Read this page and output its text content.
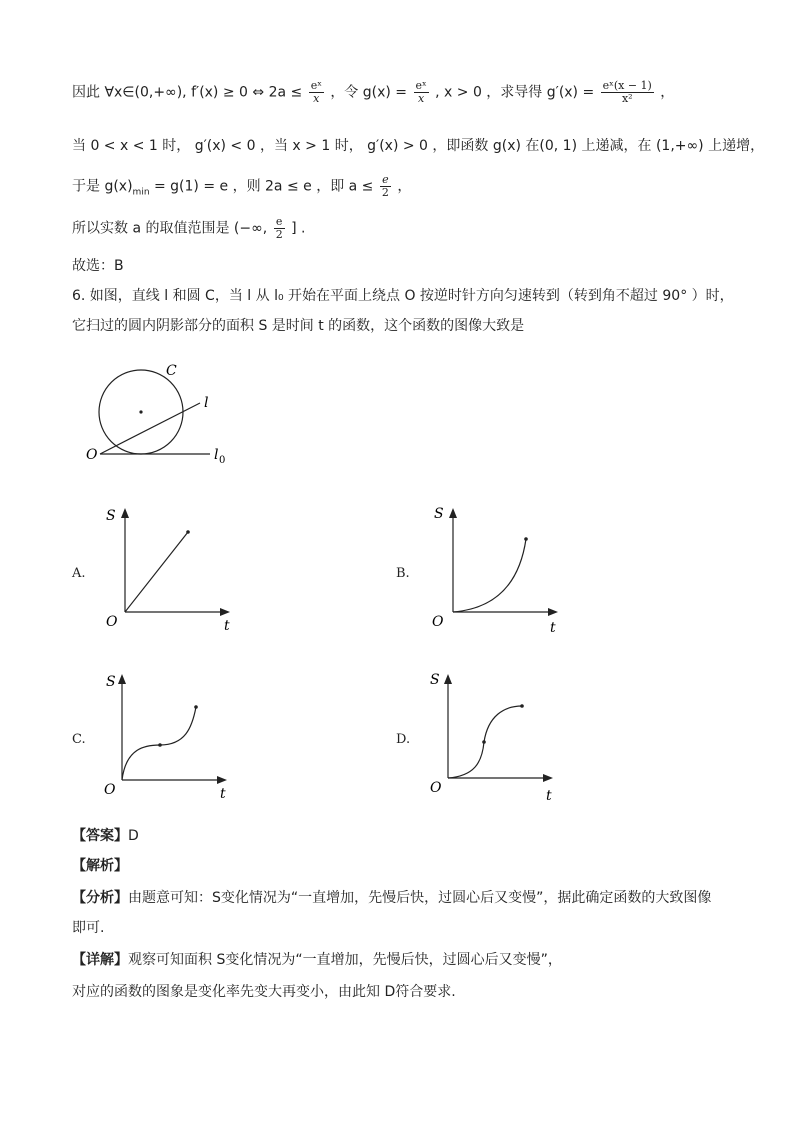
因此 ∀x∈(0,+∞), f′(x) ≥ 0 ⇔ $2a \le \frac{\text{eˣ}}{x}$ ，令 $g(x) = \frac{\text{eˣ}}{x}$ , x > 0 ，求导得 $g'(x) = \frac{\text{eˣ(x − 1)}}{\text{x²}}$ ，
当 0 < x < 1 时， g′(x) < 0 ，当 x > 1 时， g′(x) > 0 ，即函数 g(x) 在(0, 1) 上递减，在 (1,+∞) 上递增，
于是 $g(x)_{min} = g(1) = e$ ，则 2a ≤ e ，即 $a \le \frac{e}{2}$ ，
所以实数 a 的取值范围是 (−∞, $\frac{e}{2}$ ] .
故选：B
6. 如图，直线 l 和圆 C，当 l 从 l₀ 开始在平面上绕点 O 按逆时针方向匀速转到（转到角不超过 90° ）时，
它扫过的圆内阴影部分的面积 S 是时间 t 的函数，这个函数的图像大致是
C
l
O	l 0
A.
S
t
O
B.
S
t
O
C.
S
t
O
D.
S
t
O
【答案】D
【解析】
【分析】由题意可知：S变化情况为“一直增加，先慢后快，过圆心后又变慢”，据此确定函数的大致图像
即可.
【详解】观察可知面积 S变化情况为“一直增加，先慢后快，过圆心后又变慢”，
对应的函数的图象是变化率先变大再变小，由此知 D符合要求.
